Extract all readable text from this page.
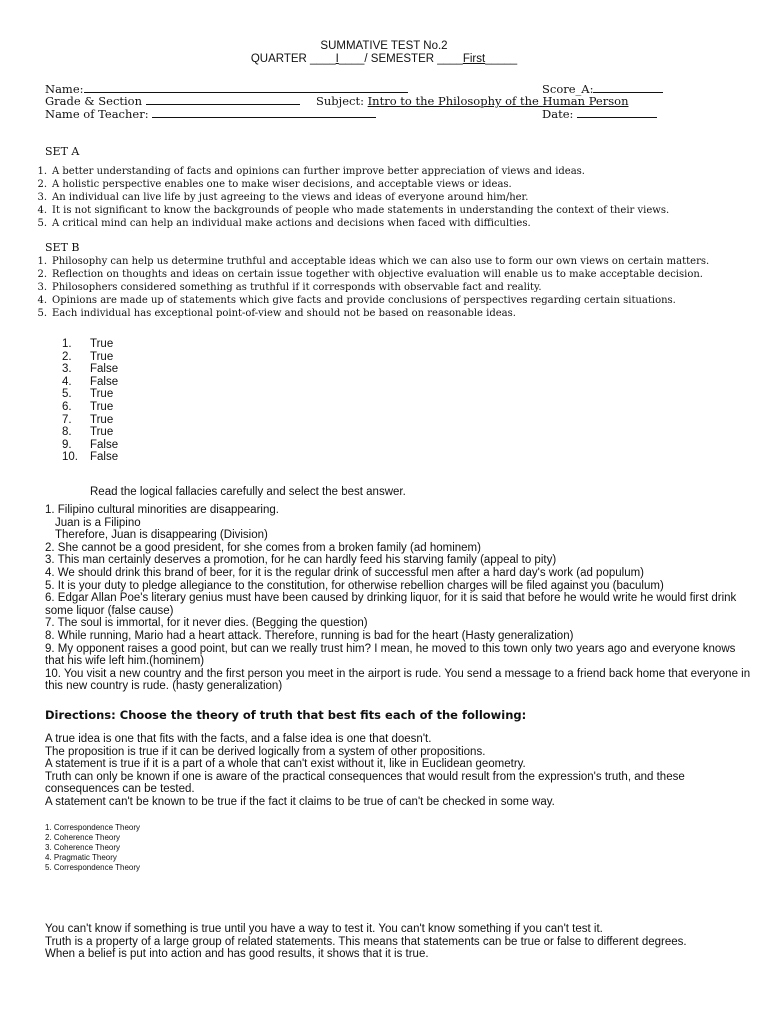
SUMMATIVE TEST No.2
QUARTER ____I____/ SEMESTER ____First_____
Name:	Score_A:
Grade & Section	Subject: Intro to the Philosophy of the Human Person
Name of Teacher:	Date:
SET A
A better understanding of facts and opinions can further improve better appreciation of views and ideas.
A holistic perspective enables one to make wiser decisions, and acceptable views or ideas.
An individual can live life by just agreeing to the views and ideas of everyone around him/her.
It is not significant to know the backgrounds of people who made statements in understanding the context of their views.
A critical mind can help an individual make actions and decisions when faced with difficulties.
SET B
Philosophy can help us determine truthful and acceptable ideas which we can also use to form our own views on certain matters.
Reflection on thoughts and ideas on certain issue together with objective evaluation will enable us to make acceptable decision.
Philosophers considered something as truthful if it corresponds with observable fact and reality.
Opinions are made up of statements which give facts and provide conclusions of perspectives regarding certain situations.
Each individual has exceptional point-of-view and should not be based on reasonable ideas.
1. True
2. True
3. False
4. False
5. True
6. True
7. True
8. True
9. False
10. False
Read the logical fallacies carefully and select the best answer.

1. Filipino cultural minorities are disappearing.

Juan is a Filipino

Therefore, Juan is disappearing (Division)

2. She cannot be a good president, for she comes from a broken family (ad hominem)

3. This man certainly deserves a promotion, for he can hardly feed his starving family (appeal to pity)

4. We should drink this brand of beer, for it is the regular drink of successful men after a hard day's work (ad populum)

5. It is your duty to pledge allegiance to the constitution, for otherwise rebellion charges will be filed against you (baculum)

6. Edgar Allan Poe's literary genius must have been caused by drinking liquor, for it is said that before he would write he would first drink some liquor (false cause)

7. The soul is immortal, for it never dies. (Begging the question)

8. While running, Mario had a heart attack. Therefore, running is bad for the heart (Hasty generalization)

9. My opponent raises a good point, but can we really trust him? I mean, he moved to this town only two years ago and everyone knows that his wife left him.(hominem)

10. You visit a new country and the first person you meet in the airport is rude. You send a message to a friend back home that everyone in this new country is rude. (hasty generalization)

Directions: Choose the theory of truth that best fits each of the following:

A true idea is one that fits with the facts, and a false idea is one that doesn't.

The proposition is true if it can be derived logically from a system of other propositions.

A statement is true if it is a part of a whole that can't exist without it, like in Euclidean geometry.

Truth can only be known if one is aware of the practical consequences that would result from the expression's truth, and these consequences can be tested.

A statement can't be known to be true if the fact it claims to be true of can't be checked in some way.

1. Correspondence Theory
2. Coherence Theory
3. Coherence Theory
4. Pragmatic Theory
5. Correspondence Theory

You can't know if something is true until you have a way to test it. You can't know something if you can't test it.

Truth is a property of a large group of related statements. This means that statements can be true or false to different degrees.

When a belief is put into action and has good results, it shows that it is true.
